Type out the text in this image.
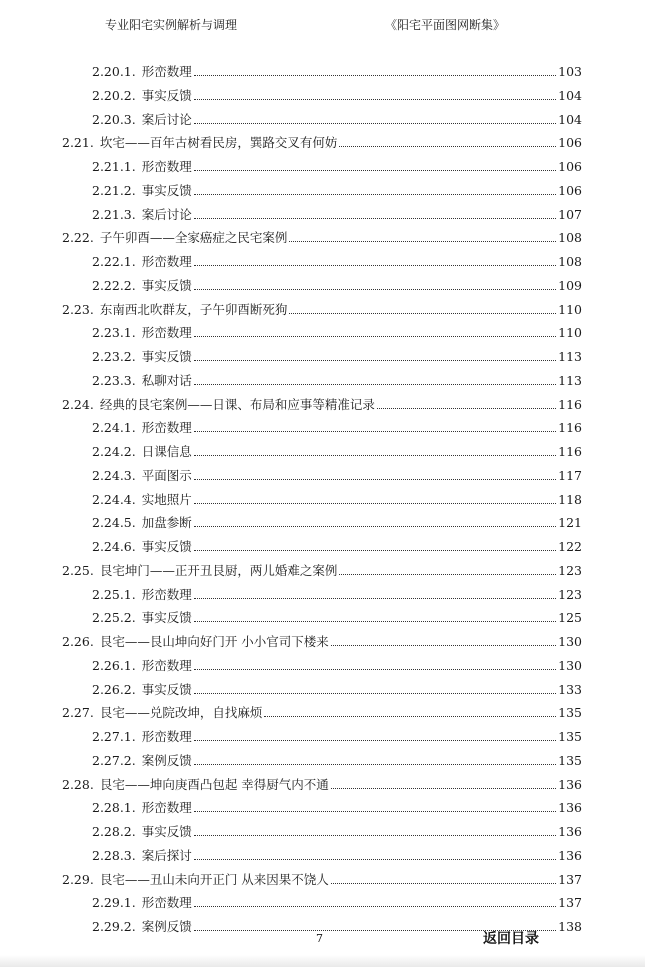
专业阳宅实例解析与调理	《阳宅平面图网断集》
2.20.1. 形峦数理	103
2.20.2. 事实反馈	104
2.20.3. 案后讨论	104
2.21. 坎宅——百年古树看民房，巽路交叉有何妨	106
2.21.1. 形峦数理	106
2.21.2. 事实反馈	106
2.21.3. 案后讨论	107
2.22. 子午卯酉——全家癌症之民宅案例	108
2.22.1. 形峦数理	108
2.22.2. 事实反馈	109
2.23. 东南西北吹群友，子午卯酉断死狗	110
2.23.1. 形峦数理	110
2.23.2. 事实反馈	113
2.23.3. 私聊对话	113
2.24. 经典的艮宅案例——日课、布局和应事等精准记录	116
2.24.1. 形峦数理	116
2.24.2. 日课信息	116
2.24.3. 平面图示	117
2.24.4. 实地照片	118
2.24.5. 加盘参断	121
2.24.6. 事实反馈	122
2.25. 艮宅坤门——正开丑艮厨，两儿婚难之案例	123
2.25.1. 形峦数理	123
2.25.2. 事实反馈	125
2.26. 艮宅——艮山坤向好门开 小小官司下楼来	130
2.26.1. 形峦数理	130
2.26.2. 事实反馈	133
2.27. 艮宅——兑院改坤，自找麻烦	135
2.27.1. 形峦数理	135
2.27.2. 案例反馈	135
2.28. 艮宅——坤向庚酉凸包起 幸得厨气内不通	136
2.28.1. 形峦数理	136
2.28.2. 事实反馈	136
2.28.3. 案后探讨	136
2.29. 艮宅——丑山未向开正门 从来因果不饶人	137
2.29.1. 形峦数理	137
2.29.2. 案例反馈	138
7	返回目录
